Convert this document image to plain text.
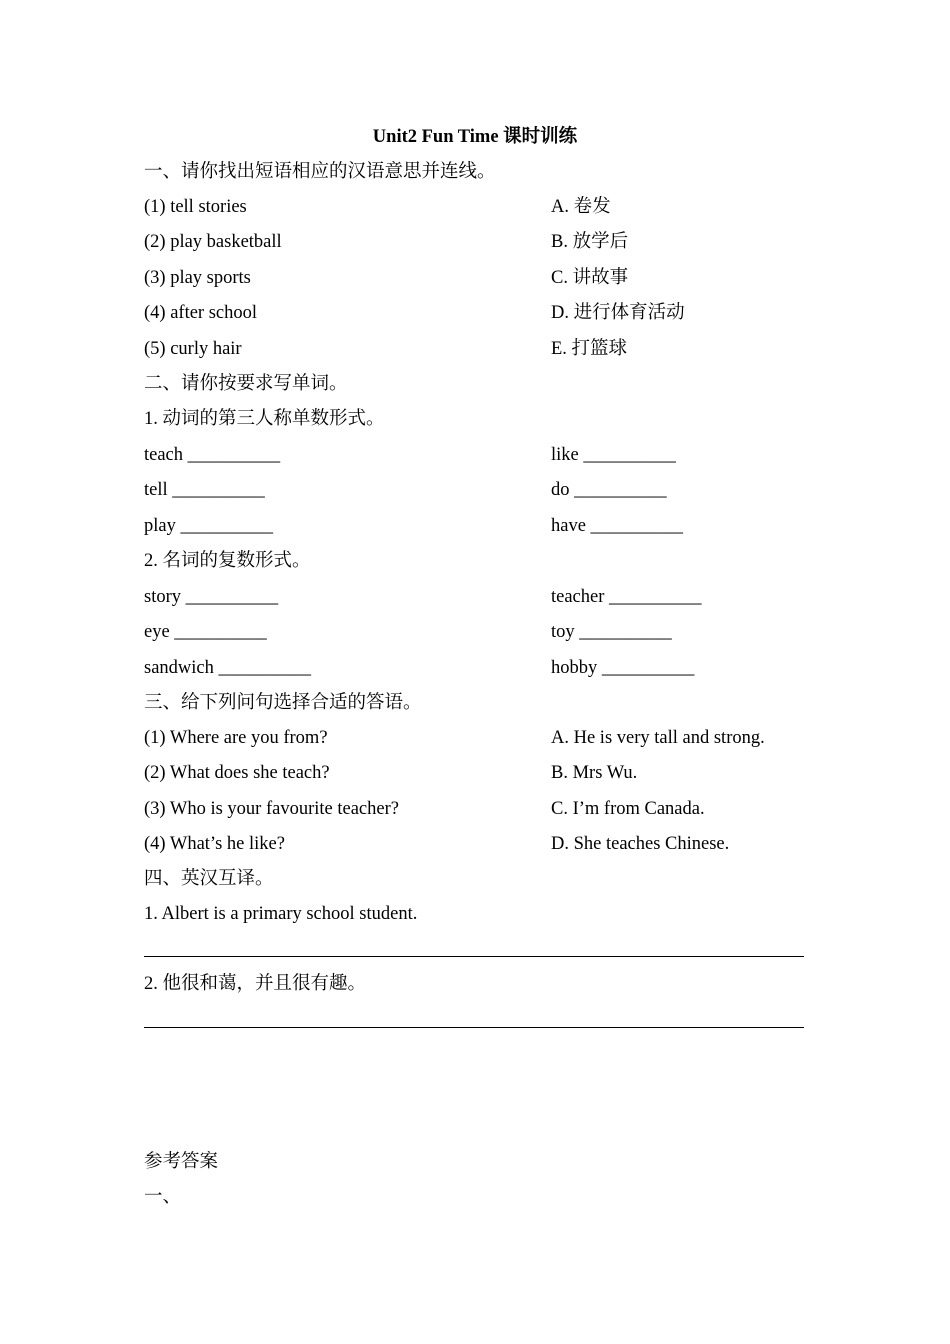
Unit2 Fun Time 课时训练
一、请你找出短语相应的汉语意思并连线。
(1) tell stories	A. 卷发
(2) play basketball	B. 放学后
(3) play sports	C. 讲故事
(4) after school	D. 进行体育活动
(5) curly hair	E. 打篮球
二、请你按要求写单词。
1. 动词的第三人称单数形式。
teach __________	like __________
tell __________	do __________
play __________	have __________
2. 名词的复数形式。
story __________	teacher __________
eye __________	toy __________
sandwich __________	hobby __________
三、给下列问句选择合适的答语。
(1) Where are you from?	A. He is very tall and strong.
(2) What does she teach?	B. Mrs Wu.
(3) Who is your favourite teacher?	C. I’m from Canada.
(4) What’s he like?	D. She teaches Chinese.
四、英汉互译。
1. Albert is a primary school student.
2. 他很和蔼，并且很有趣。
参考答案
一、
